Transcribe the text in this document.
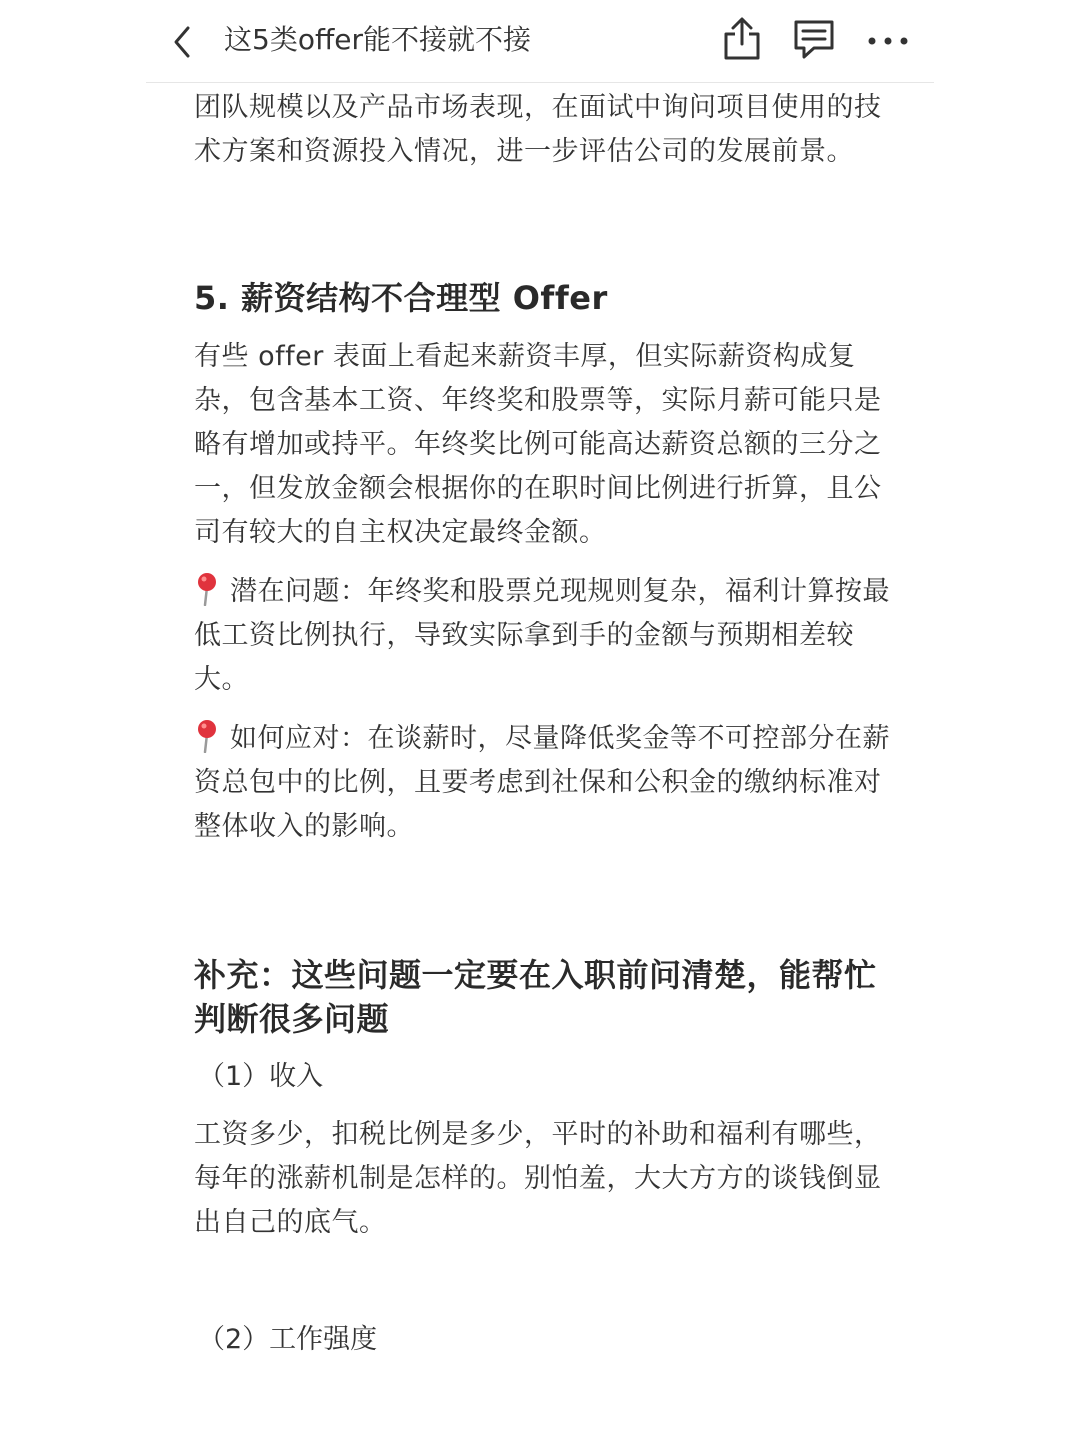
这5类offer能不接就不接

团队规模以及产品市场表现，在面试中询问项目使用的技术方案和资源投入情况，进一步评估公司的发展前景。

5. 薪资结构不合理型 Offer

有些 offer 表面上看起来薪资丰厚，但实际薪资构成复杂，包含基本工资、年终奖和股票等，实际月薪可能只是略有增加或持平。年终奖比例可能高达薪资总额的三分之一，但发放金额会根据你的在职时间比例进行折算，且公司有较大的自主权决定最终金额。

潜在问题：年终奖和股票兑现规则复杂，福利计算按最低工资比例执行，导致实际拿到手的金额与预期相差较大。

如何应对：在谈薪时，尽量降低奖金等不可控部分在薪资总包中的比例，且要考虑到社保和公积金的缴纳标准对整体收入的影响。

补充：这些问题一定要在入职前问清楚，能帮忙判断很多问题
（1）收入

工资多少，扣税比例是多少，平时的补助和福利有哪些，每年的涨薪机制是怎样的。别怕羞，大大方方的谈钱倒显出自己的底气。

（2）工作强度
